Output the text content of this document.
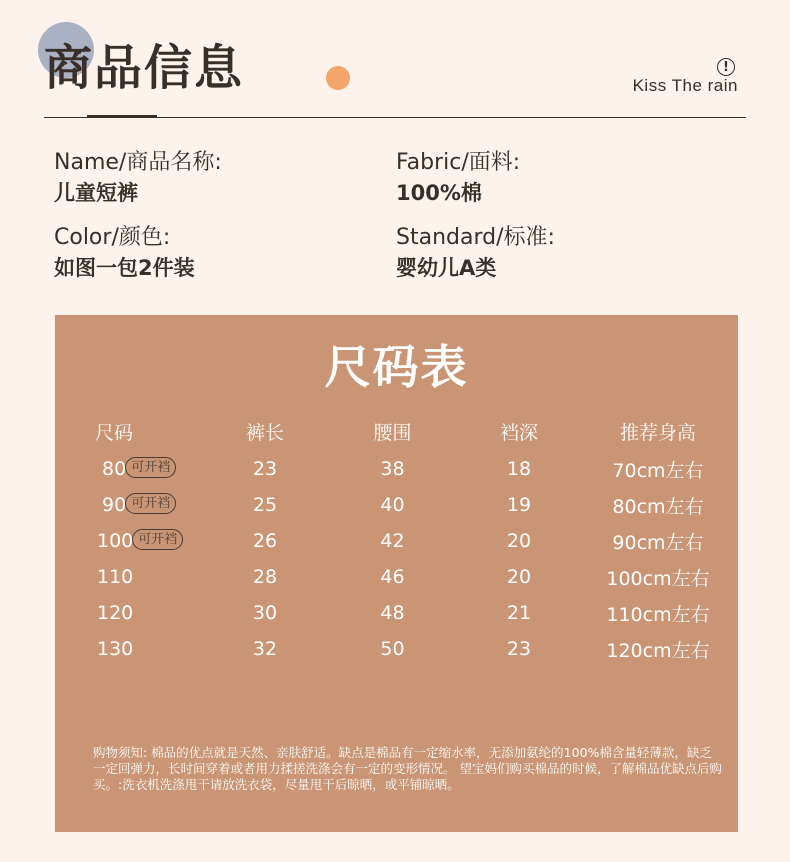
商品信息	!
Kiss The rain
Name/商品名称:
儿童短裤
Fabric/面料:
100%棉
Color/颜色:
如图一包2件装
Standard/标准:
婴幼儿A类
尺码表
尺码	裤长	腰围	裆深	推荐身高
80 可开裆	23	38	18	70cm左右
90 可开裆	25	40	19	80cm左右
100 可开裆	26	42	20	90cm左右
110	28	46	20	100cm左右
120	30	48	21	110cm左右
130	32	50	23	120cm左右
购物须知: 棉品的优点就是天然、亲肤舒适。缺点是棉品有一定缩水率，无添加氨纶的100%棉含量轻薄款，缺乏一定回弹力，长时间穿着或者用力揉搓洗涤会有一定的变形情况。 望宝妈们购买棉品的时候，了解棉品优缺点后购买。:洗衣机洗涤甩干请放洗衣袋，尽量甩干后晾晒，或平铺晾晒。
